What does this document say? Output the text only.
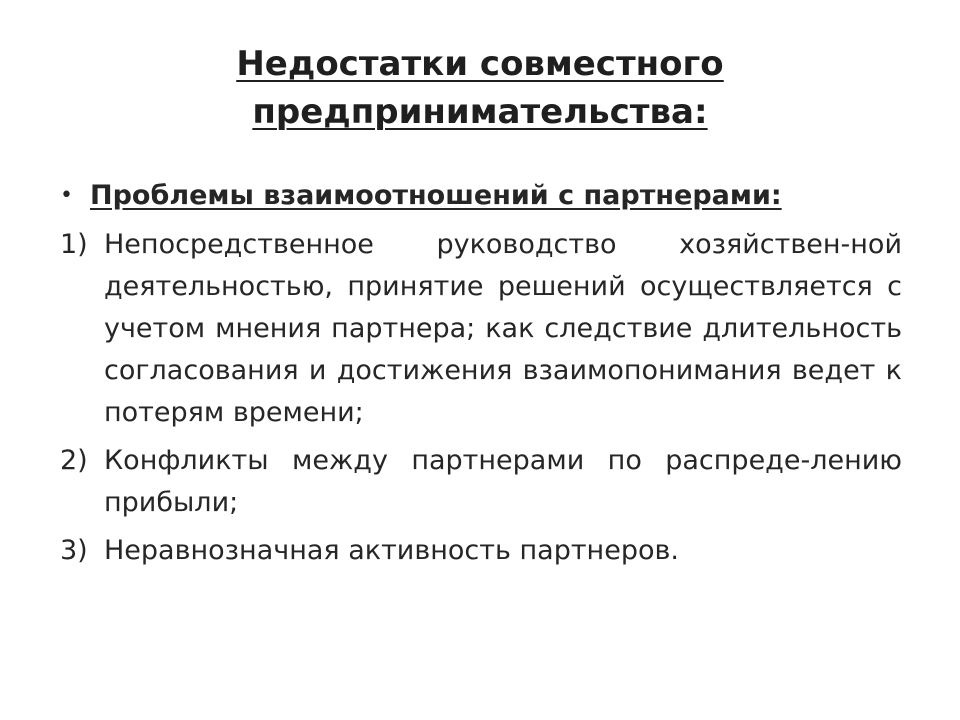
Недостатки совместного
предпринимательства:
• Проблемы взаимоотношений с партнерами:
1) Непосредственное руководство хозяйствен-ной деятельностью, принятие решений осуществляется с учетом мнения партнера; как следствие длительность согласования и достижения взаимопонимания ведет к потерям времени;
2) Конфликты между партнерами по распреде-лению прибыли;
3) Неравнозначная активность партнеров.
